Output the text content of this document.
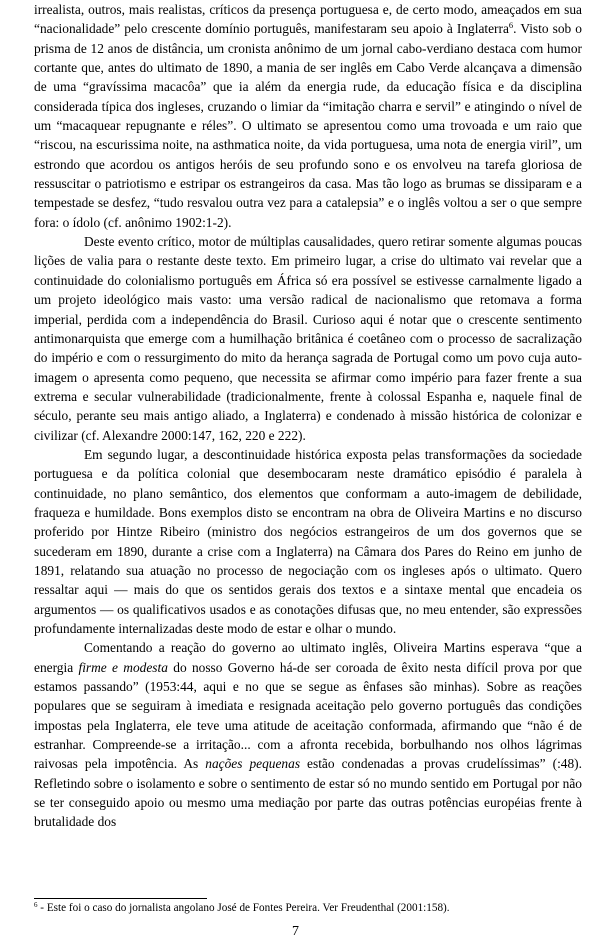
irrealista, outros, mais realistas, críticos da presença portuguesa e, de certo modo, ameaçados em sua “nacionalidade” pelo crescente domínio português, manifestaram seu apoio à Inglaterra$^6$. Visto sob o prisma de 12 anos de distância, um cronista anônimo de um jornal cabo-verdiano destaca com humor cortante que, antes do ultimato de 1890, a mania de ser inglês em Cabo Verde alcançava a dimensão de uma “gravíssima macacôa” que ia além da energia rude, da educação física e da disciplina considerada típica dos ingleses, cruzando o limiar da “imitação charra e servil” e atingindo o nível de um “macaquear repugnante e réles”. O ultimato se apresentou como uma trovoada e um raio que “riscou, na escurissima noite, na asthmatica noite, da vida portuguesa, uma nota de energia viril”, um estrondo que acordou os antigos heróis de seu profundo sono e os envolveu na tarefa gloriosa de ressuscitar o patriotismo e estripar os estrangeiros da casa. Mas tão logo as brumas se dissiparam e a tempestade se desfez, “tudo resvalou outra vez para a catalepsia” e o inglês voltou a ser o que sempre fora: o ídolo (cf. anônimo 1902:1-2).

Deste evento crítico, motor de múltiplas causalidades, quero retirar somente algumas poucas lições de valia para o restante deste texto. Em primeiro lugar, a crise do ultimato vai revelar que a continuidade do colonialismo português em África só era possível se estivesse carnalmente ligado a um projeto ideológico mais vasto: uma versão radical de nacionalismo que retomava a forma imperial, perdida com a independência do Brasil. Curioso aqui é notar que o crescente sentimento antimonarquista que emerge com a humilhação britânica é coetâneo com o processo de sacralização do império e com o ressurgimento do mito da herança sagrada de Portugal como um povo cuja auto-imagem o apresenta como pequeno, que necessita se afirmar como império para fazer frente a sua extrema e secular vulnerabilidade (tradicionalmente, frente à colossal Espanha e, naquele final de século, perante seu mais antigo aliado, a Inglaterra) e condenado à missão histórica de colonizar e civilizar (cf. Alexandre 2000:147, 162, 220 e 222).

Em segundo lugar, a descontinuidade histórica exposta pelas transformações da sociedade portuguesa e da política colonial que desembocaram neste dramático episódio é paralela à continuidade, no plano semântico, dos elementos que conformam a auto-imagem de debilidade, fraqueza e humildade. Bons exemplos disto se encontram na obra de Oliveira Martins e no discurso proferido por Hintze Ribeiro (ministro dos negócios estrangeiros de um dos governos que se sucederam em 1890, durante a crise com a Inglaterra) na Câmara dos Pares do Reino em junho de 1891, relatando sua atuação no processo de negociação com os ingleses após o ultimato. Quero ressaltar aqui — mais do que os sentidos gerais dos textos e a sintaxe mental que encadeia os argumentos — os qualificativos usados e as conotações difusas que, no meu entender, são expressões profundamente internalizadas deste modo de estar e olhar o mundo.

Comentando a reação do governo ao ultimato inglês, Oliveira Martins esperava “que a energia firme e modesta do nosso Governo há-de ser coroada de êxito nesta difícil prova por que estamos passando” (1953:44, aqui e no que se segue as ênfases são minhas). Sobre as reações populares que se seguiram à imediata e resignada aceitação pelo governo português das condições impostas pela Inglaterra, ele teve uma atitude de aceitação conformada, afirmando que “não é de estranhar. Compreende-se a irritação... com a afronta recebida, borbulhando nos olhos lágrimas raivosas pela impotência. As nações pequenas estão condenadas a provas crudelíssimas” (:48). Refletindo sobre o isolamento e sobre o sentimento de estar só no mundo sentido em Portugal por não se ter conseguido apoio ou mesmo uma mediação por parte das outras potências européias frente à brutalidade dos

$^6$ - Este foi o caso do jornalista angolano José de Fontes Pereira. Ver Freudenthal (2001:158).
7
